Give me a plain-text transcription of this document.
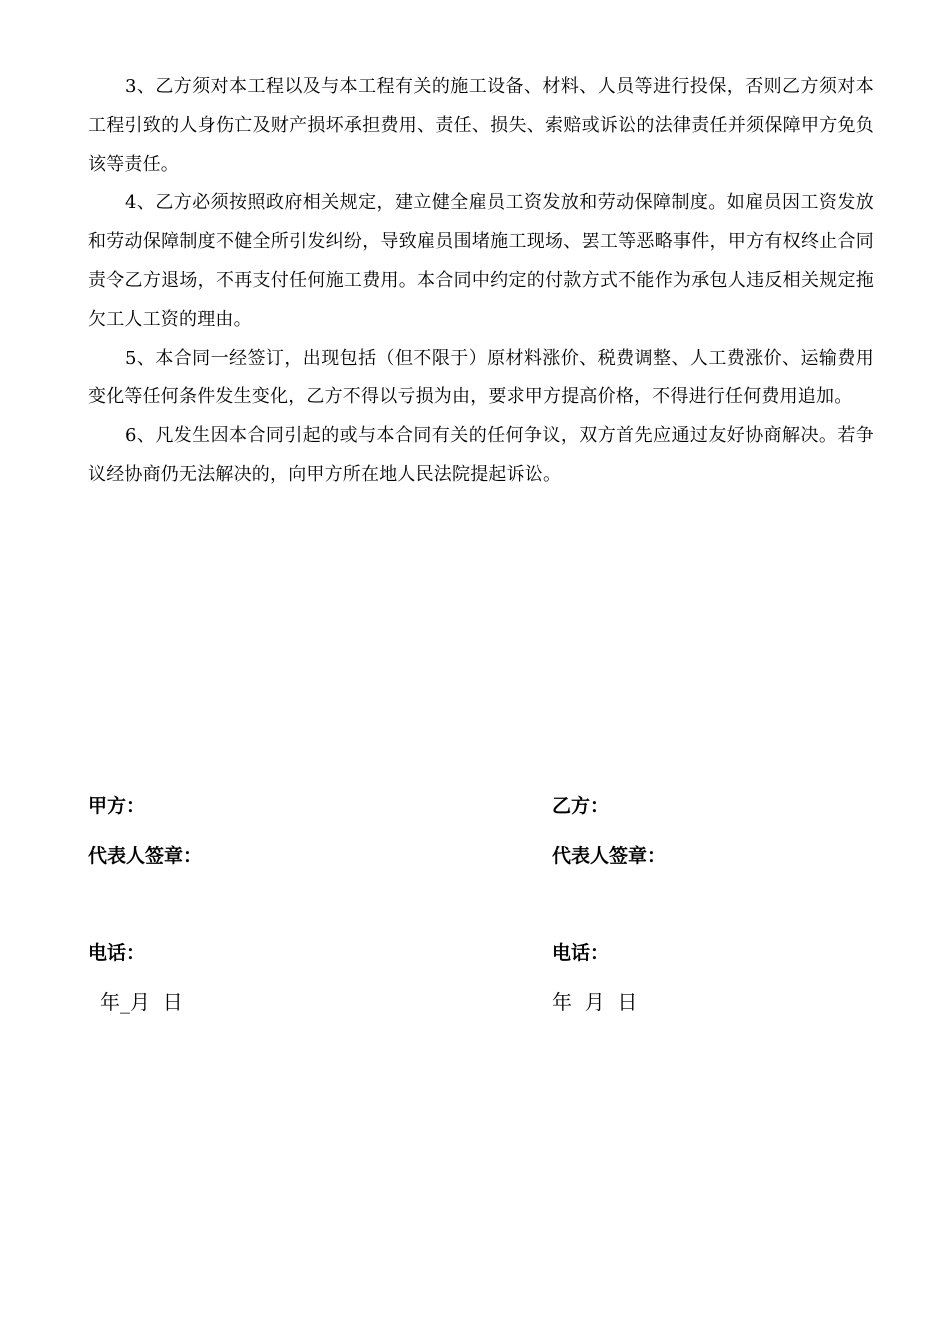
3、乙方须对本工程以及与本工程有关的施工设备、材料、人员等进行投保，否则乙方须对本工程引致的人身伤亡及财产损坏承担费用、责任、损失、索赔或诉讼的法律责任并须保障甲方免负该等责任。

4、乙方必须按照政府相关规定，建立健全雇员工资发放和劳动保障制度。如雇员因工资发放和劳动保障制度不健全所引发纠纷，导致雇员围堵施工现场、罢工等恶略事件，甲方有权终止合同责令乙方退场，不再支付任何施工费用。本合同中约定的付款方式不能作为承包人违反相关规定拖欠工人工资的理由。

5、本合同一经签订，出现包括（但不限于）原材料涨价、税费调整、人工费涨价、运输费用变化等任何条件发生变化，乙方不得以亏损为由，要求甲方提高价格，不得进行任何费用追加。

6、凡发生因本合同引起的或与本合同有关的任何争议，双方首先应通过友好协商解决。若争议经协商仍无法解决的，向甲方所在地人民法院提起诉讼。

甲方：
代表人签章：
电话：
年_月  日
乙方：
代表人签章：
电话：
年  月  日
